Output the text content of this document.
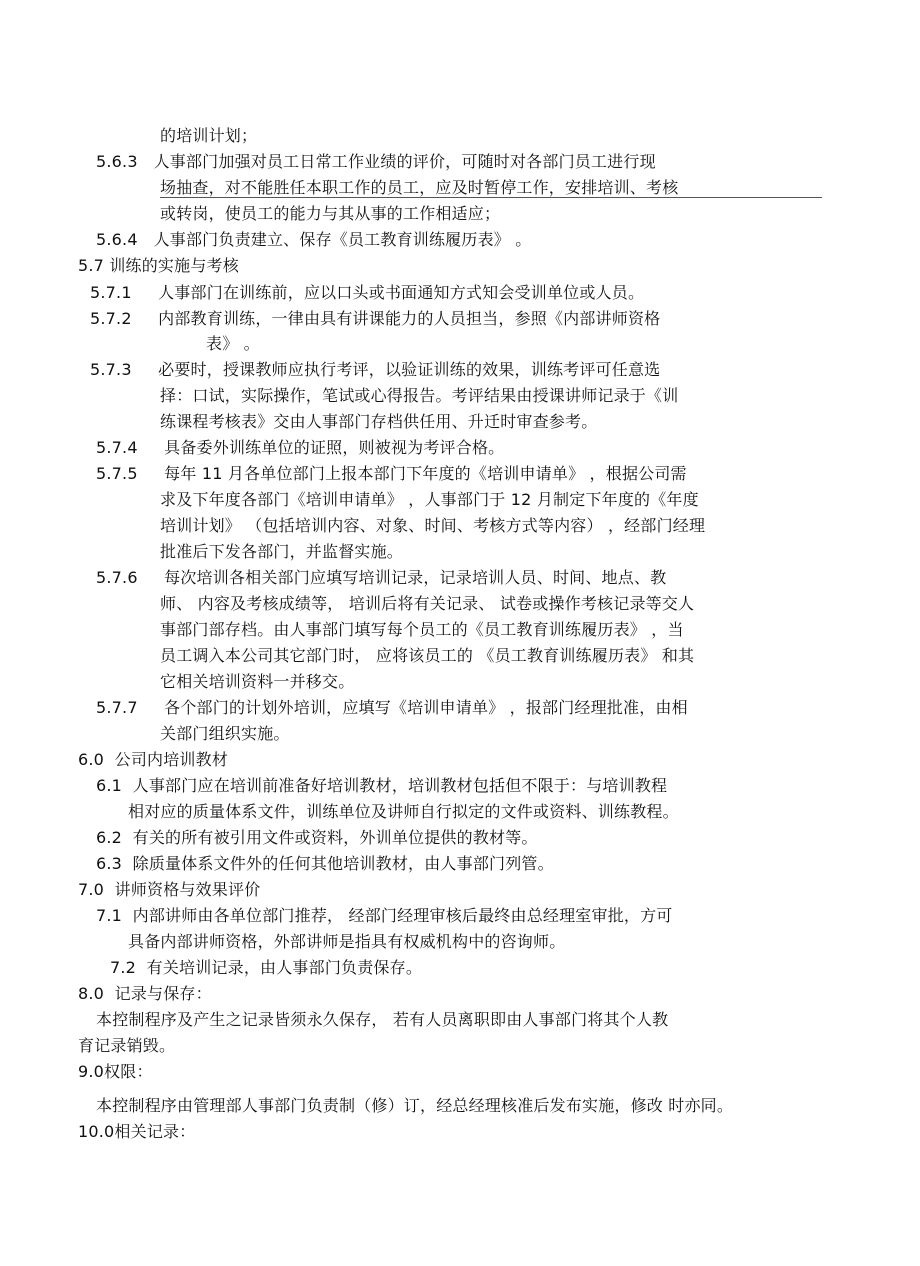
的培训计划；
5.6.3   人事部门加强对员工日常工作业绩的评价，可随时对各部门员工进行现
场抽查，对不能胜任本职工作的员工，应及时暂停工作，安排培训、考核
或转岗，使员工的能力与其从事的工作相适应；
5.6.4   人事部门负责建立、保存《员工教育训练履历表》 。
5.7 训练的实施与考核
5.7.1     人事部门在训练前，应以口头或书面通知方式知会受训单位或人员。
5.7.2     内部教育训练，一律由具有讲课能力的人员担当，参照《内部讲师资格
表》 。
5.7.3     必要时，授课教师应执行考评，以验证训练的效果，训练考评可任意选
择：口试，实际操作，笔试或心得报告。考评结果由授课讲师记录于《训
练课程考核表》交由人事部门存档供任用、升迁时审查参考。
5.7.4     具备委外训练单位的证照，则被视为考评合格。
5.7.5     每年 11 月各单位部门上报本部门下年度的《培训申请单》 ，根据公司需
求及下年度各部门《培训申请单》 ，人事部门于 12 月制定下年度的《年度
培训计划》 （包括培训内容、对象、时间、考核方式等内容） ，经部门经理
批准后下发各部门，并监督实施。
5.7.6     每次培训各相关部门应填写培训记录，记录培训人员、时间、地点、教
师、 内容及考核成绩等， 培训后将有关记录、 试卷或操作考核记录等交人
事部门部存档。由人事部门填写每个员工的《员工教育训练履历表》 ，当
员工调入本公司其它部门时， 应将该员工的 《员工教育训练履历表》 和其
它相关培训资料一并移交。
5.7.7     各个部门的计划外培训，应填写《培训申请单》 ，报部门经理批准，由相
关部门组织实施。
6.0  公司内培训教材
6.1  人事部门应在培训前准备好培训教材，培训教材包括但不限于：与培训教程
相对应的质量体系文件，训练单位及讲师自行拟定的文件或资料、训练教程。
6.2  有关的所有被引用文件或资料，外训单位提供的教材等。
6.3  除质量体系文件外的任何其他培训教材，由人事部门列管。
7.0  讲师资格与效果评价
7.1  内部讲师由各单位部门推荐， 经部门经理审核后最终由总经理室审批，方可
具备内部讲师资格，外部讲师是指具有权威机构中的咨询师。
7.2  有关培训记录，由人事部门负责保存。
8.0  记录与保存：
本控制程序及产生之记录皆须永久保存， 若有人员离职即由人事部门将其个人教
育记录销毁。
9.0权限：
本控制程序由管理部人事部门负责制（修）订，经总经理核准后发布实施，修改 时亦同。
10.0相关记录：
